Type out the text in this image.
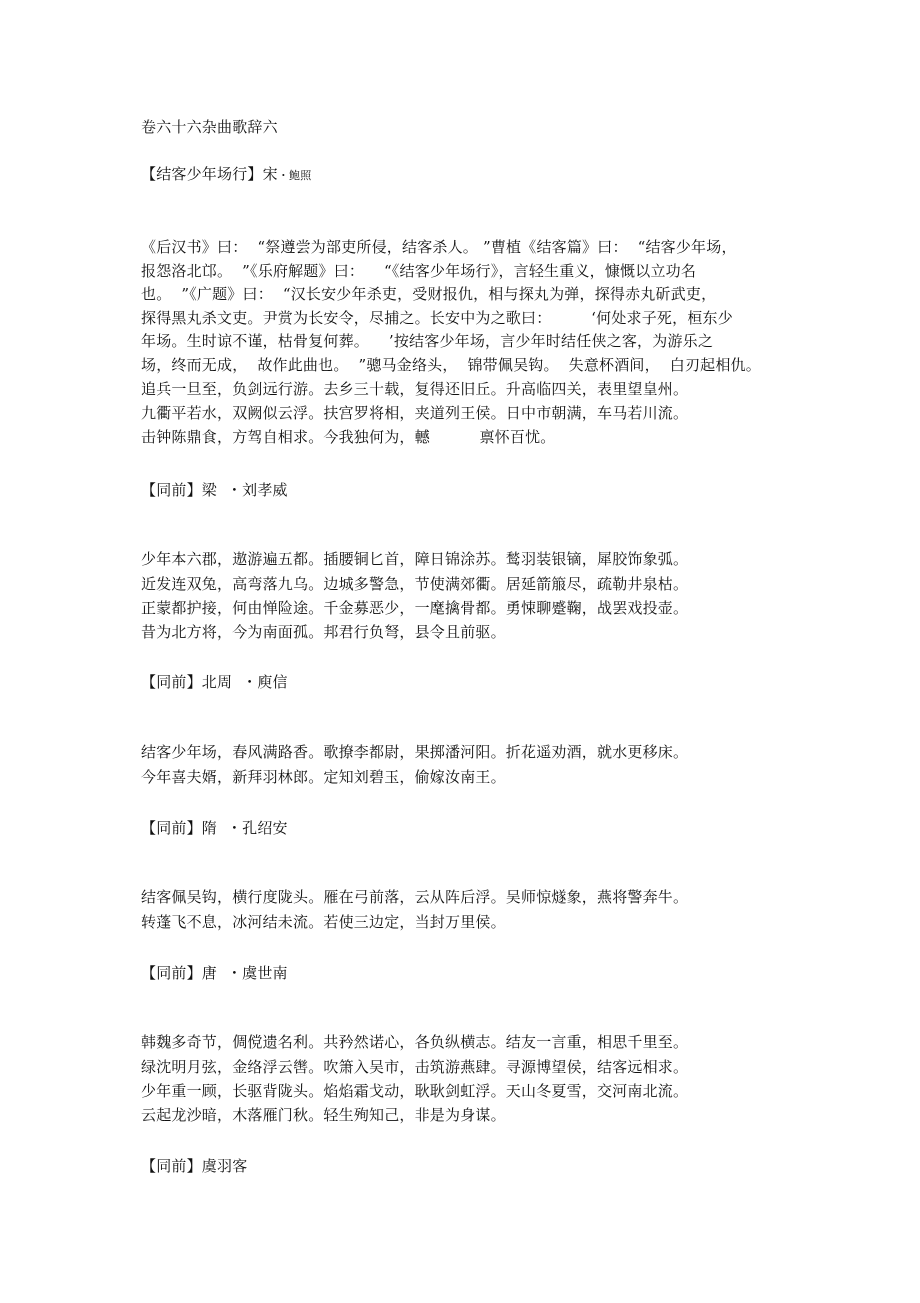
卷六十六杂曲歌辞六
【结客少年场行】宋・鲍照
《后汉书》曰：  “祭遵尝为部吏所侵，结客杀人。 ”曹植《结客篇》曰：  “结客少年场，
报怨洛北邙。  ”《乐府解题》曰：    “《结客少年场行》，言轻生重义，慷慨以立功名
也。  ”《广题》曰：  “汉长安少年杀吏，受财报仇，相与探丸为弹，探得赤丸斫武吏，
探得黑丸杀文吏。尹赏为长安令，尽捕之。长安中为之歌曰：        ‘何处求子死，桓东少
年场。生时谅不谨，枯骨复何葬。    ’按结客少年场，言少年时结任侠之客，为游乐之
场，终而无成，  故作此曲也。  ”骢马金络头，  锦带佩吴钩。  失意杯酒间，  白刃起相仇。
追兵一旦至，负剑远行游。去乡三十载，复得还旧丘。升高临四关，表里望皇州。
九衢平若水，双阙似云浮。扶宫罗将相，夹道列王侯。日中市朝满，车马若川流。
击钟陈鼎食，方驾自相求。今我独何为，轗          禀怀百忧。
【同前】梁  ・刘孝威
少年本六郡，遨游遍五都。插腰铜匕首，障日锦涂苏。鹙羽装银镝，犀胶饰象弧。
近发连双兔，高弯落九乌。边城多警急，节使满郊衢。居延箭箙尽，疏勒井泉枯。
正蒙都护接，何由惮险途。千金募恶少，一麾擒骨都。勇悚聊蹙鞠，战罢戏投壶。
昔为北方将，今为南面孤。邦君行负弩，县令且前驱。
【同前】北周  ・庾信
结客少年场，春风满路香。歌撩李都尉，果掷潘河阳。折花遥劝酒，就水更移床。
今年喜夫婿，新拜羽林郎。定知刘碧玉，偷嫁汝南王。
【同前】隋  ・孔绍安
结客佩吴钩，横行度陇头。雁在弓前落，云从阵后浮。吴师惊燧象，燕将警奔牛。
转蓬飞不息，冰河结未流。若使三边定，当封万里侯。
【同前】唐  ・虞世南
韩魏多奇节，倜傥遗名利。共矜然诺心，各负纵横志。结友一言重，相思千里至。
绿沈明月弦，金络浮云辔。吹箫入吴市，击筑游燕肆。寻源博望侯，结客远相求。
少年重一顾，长驱背陇头。焰焰霜戈动，耿耿剑虹浮。天山冬夏雪，交河南北流。
云起龙沙暗，木落雁门秋。轻生殉知己，非是为身谋。
【同前】虞羽客
